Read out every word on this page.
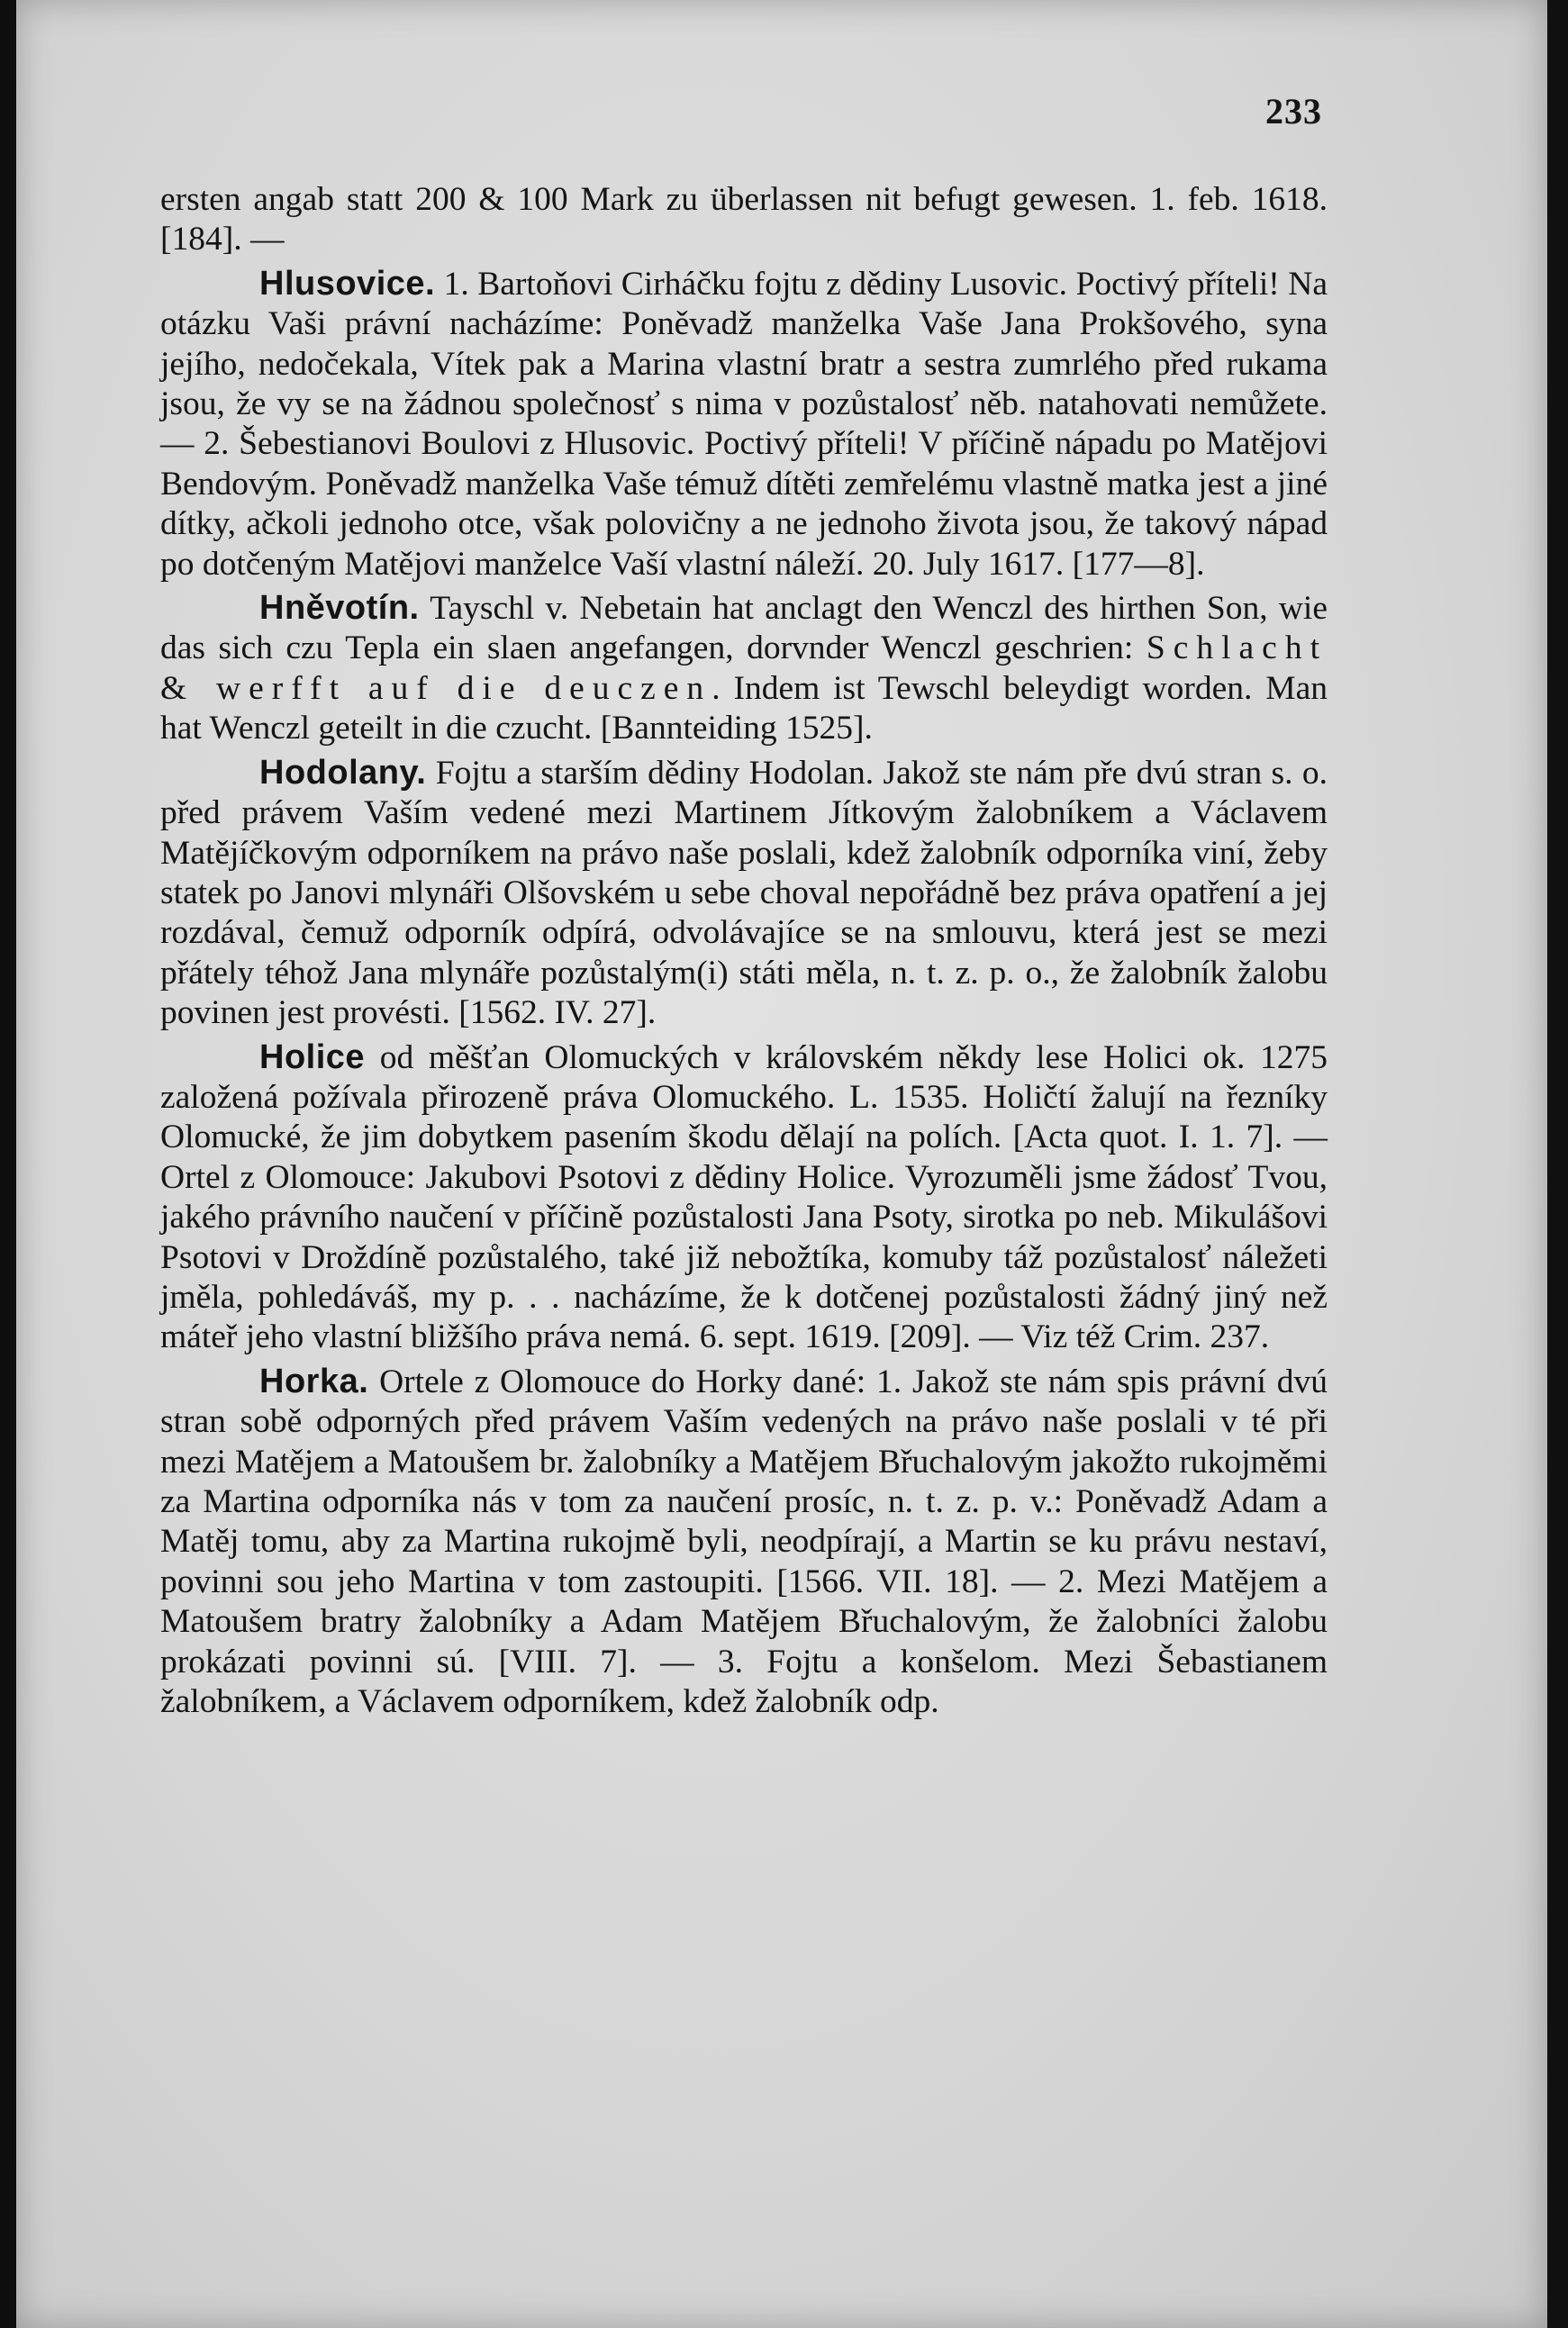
233

ersten angab statt 200 & 100 Mark zu überlassen nit befugt gewesen. 1. feb. 1618. [184]. —

Hlusovice. 1. Bartoňovi Cirháčku fojtu z dědiny Lusovic. Poctivý příteli! Na otázku Vaši právní nacházíme: Poněvadž manželka Vaše Jana Prokšového, syna jejího, nedočekala, Vítek pak a Marina vlastní bratr a sestra zumrlého před rukama jsou, že vy se na žádnou společnosť s nima v pozůstalosť něb. natahovati nemůžete. — 2. Šebestianovi Boulovi z Hlusovic. Poctivý příteli! V příčině nápadu po Matějovi Bendovým. Poněvadž manželka Vaše témuž dítěti zemřelému vlastně matka jest a jiné dítky, ačkoli jednoho otce, však polovičny a ne jednoho života jsou, že takový nápad po dotčeným Matějovi manželce Vaší vlastní náleží. 20. July 1617. [177—8].

Hněvotín. Tayschl v. Nebetain hat anclagt den Wenczl des hirthen Son, wie das sich czu Tepla ein slaen angefangen, dorvnder Wenczl geschrien: Schlacht & werfft auf die deuczen. Indem ist Tewschl beleydigt worden. Man hat Wenczl geteilt in die czucht. [Bannteiding 1525].

Hodolany. Fojtu a starším dědiny Hodolan. Jakož ste nám pře dvú stran s. o. před právem Vaším vedené mezi Martinem Jítkovým žalobníkem a Václavem Matějíčkovým odporníkem na právo naše poslali, kdež žalobník odporníka viní, žeby statek po Janovi mlynáři Olšovském u sebe choval nepořádně bez práva opatření a jej rozdával, čemuž odporník odpírá, odvolávajíce se na smlouvu, která jest se mezi přátely téhož Jana mlynáře pozůstalým(i) státi měla, n. t. z. p. o., že žalobník žalobu povinen jest provésti. [1562. IV. 27].

Holice od měšťan Olomuckých v královském někdy lese Holici ok. 1275 založená požívala přirozeně práva Olomuckého. L. 1535. Holičtí žalují na řezníky Olomucké, že jim dobytkem pasením škodu dělají na polích. [Acta quot. I. 1. 7]. — Ortel z Olomouce: Jakubovi Psotovi z dědiny Holice. Vyrozuměli jsme žádosť Tvou, jakého právního naučení v příčině pozůstalosti Jana Psoty, sirotka po neb. Mikulášovi Psotovi v Droždíně pozůstalého, také již nebožtíka, komuby táž pozůstalosť náležeti jměla, pohledáváš, my p. . . nacházíme, že k dotčenej pozůstalosti žádný jiný než máteř jeho vlastní bližšího práva nemá. 6. sept. 1619. [209]. — Viz též Crim. 237.

Horka. Ortele z Olomouce do Horky dané: 1. Jakož ste nám spis právní dvú stran sobě odporných před právem Vaším vedených na právo naše poslali v té při mezi Matějem a Matoušem br. žalobníky a Matějem Břuchalovým jakožto rukojměmi za Martina odporníka nás v tom za naučení prosíc, n. t. z. p. v.: Poněvadž Adam a Matěj tomu, aby za Martina rukojmě byli, neodpírají, a Martin se ku právu nestaví, povinni sou jeho Martina v tom zastoupiti. [1566. VII. 18]. — 2. Mezi Matějem a Matoušem bratry žalobníky a Adam Matějem Břuchalovým, že žalobníci žalobu prokázati povinni sú. [VIII. 7]. — 3. Fojtu a konšelom. Mezi Šebastianem žalobníkem, a Václavem odporníkem, kdež žalobník odp.
